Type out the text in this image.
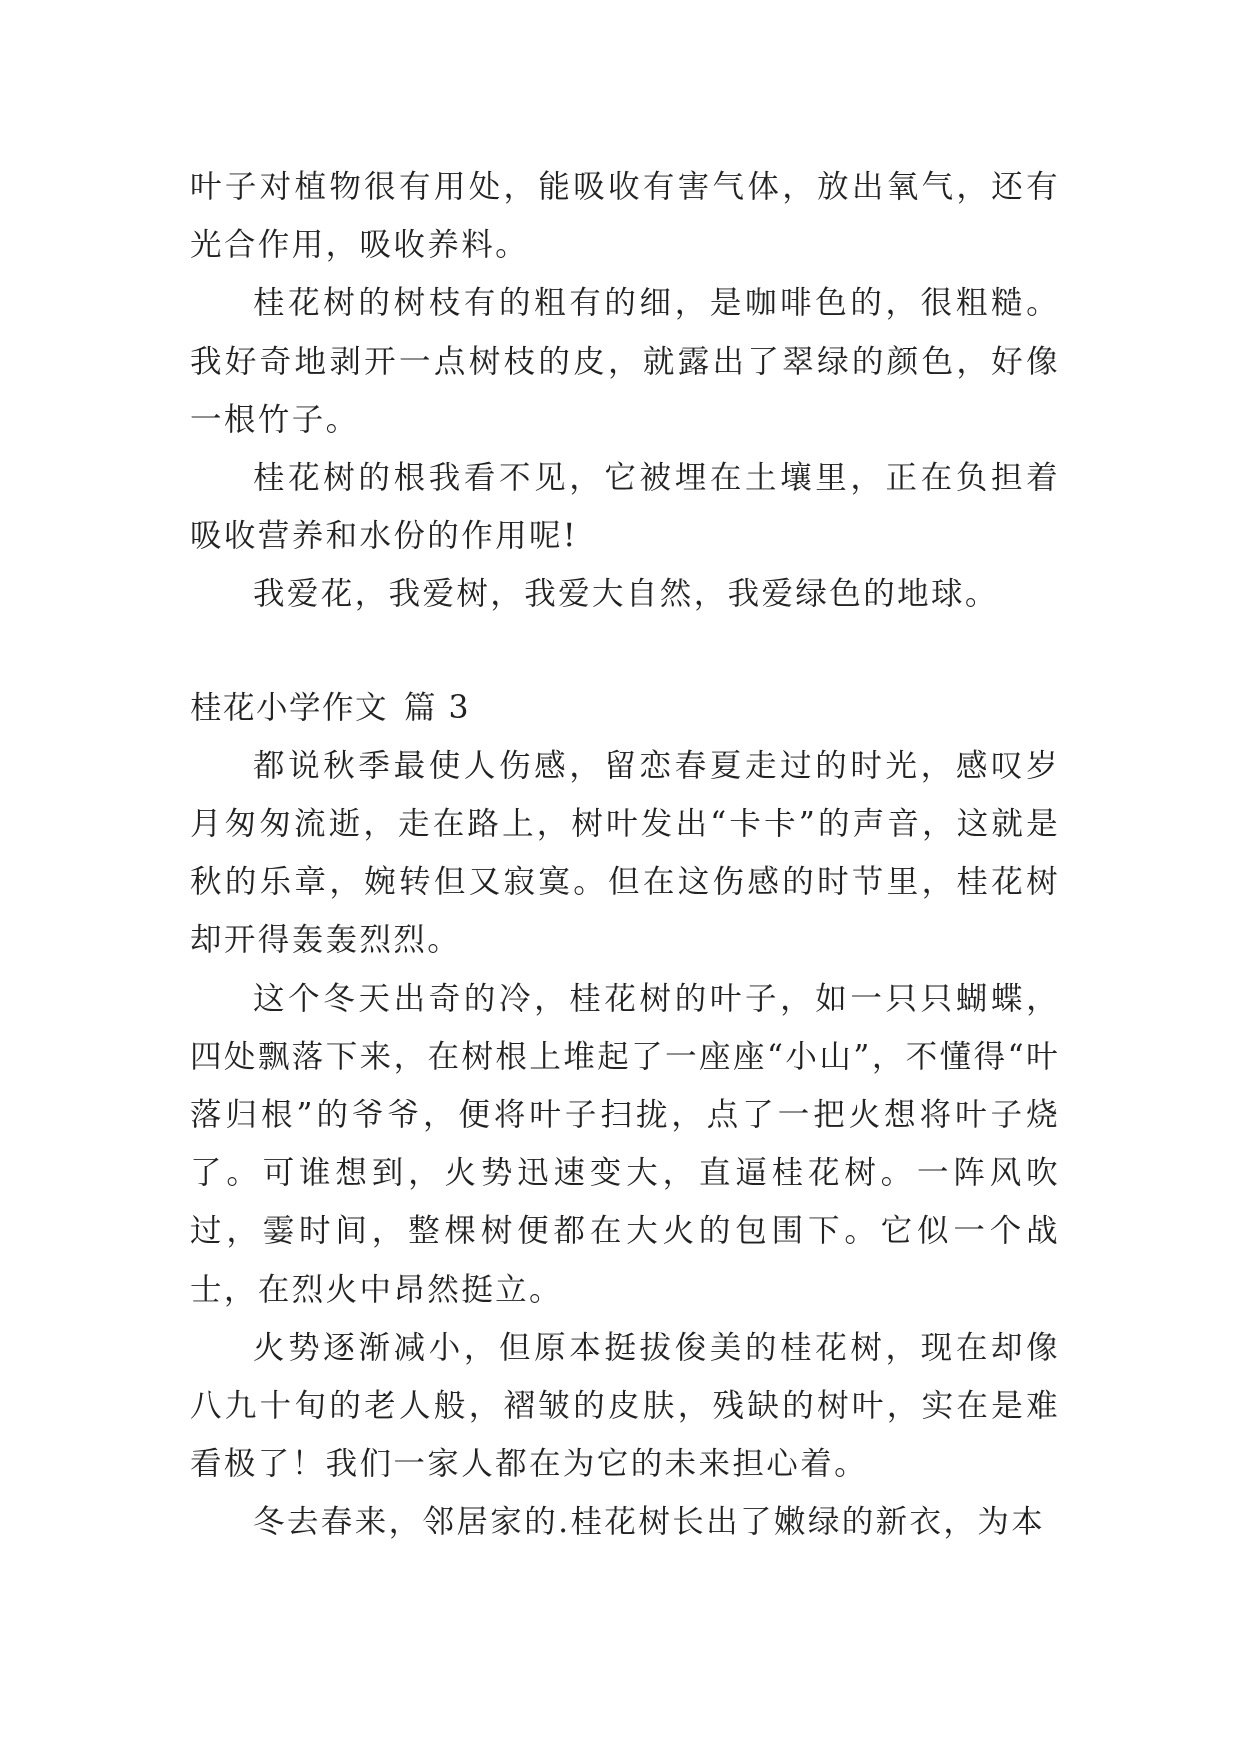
叶子对植物很有用处，能吸收有害气体，放出氧气，还有光合作用，吸收养料。

桂花树的树枝有的粗有的细，是咖啡色的，很粗糙。我好奇地剥开一点树枝的皮，就露出了翠绿的颜色，好像一根竹子。

桂花树的根我看不见，它被埋在土壤里，正在负担着吸收营养和水份的作用呢!

我爱花，我爱树，我爱大自然，我爱绿色的地球。

桂花小学作文 篇 3

都说秋季最使人伤感，留恋春夏走过的时光，感叹岁月匆匆流逝，走在路上，树叶发出“卡卡”的声音，这就是秋的乐章，婉转但又寂寞。但在这伤感的时节里，桂花树却开得轰轰烈烈。

这个冬天出奇的冷，桂花树的叶子，如一只只蝴蝶，四处飘落下来，在树根上堆起了一座座“小山”，不懂得“叶落归根”的爷爷，便将叶子扫拢，点了一把火想将叶子烧了。可谁想到，火势迅速变大，直逼桂花树。一阵风吹过，霎时间，整棵树便都在大火的包围下。它似一个战士，在烈火中昂然挺立。

火势逐渐减小，但原本挺拔俊美的桂花树，现在却像八九十旬的老人般，褶皱的皮肤，残缺的树叶，实在是难看极了！我们一家人都在为它的未来担心着。

冬去春来，邻居家的.桂花树长出了嫩绿的新衣，为本
